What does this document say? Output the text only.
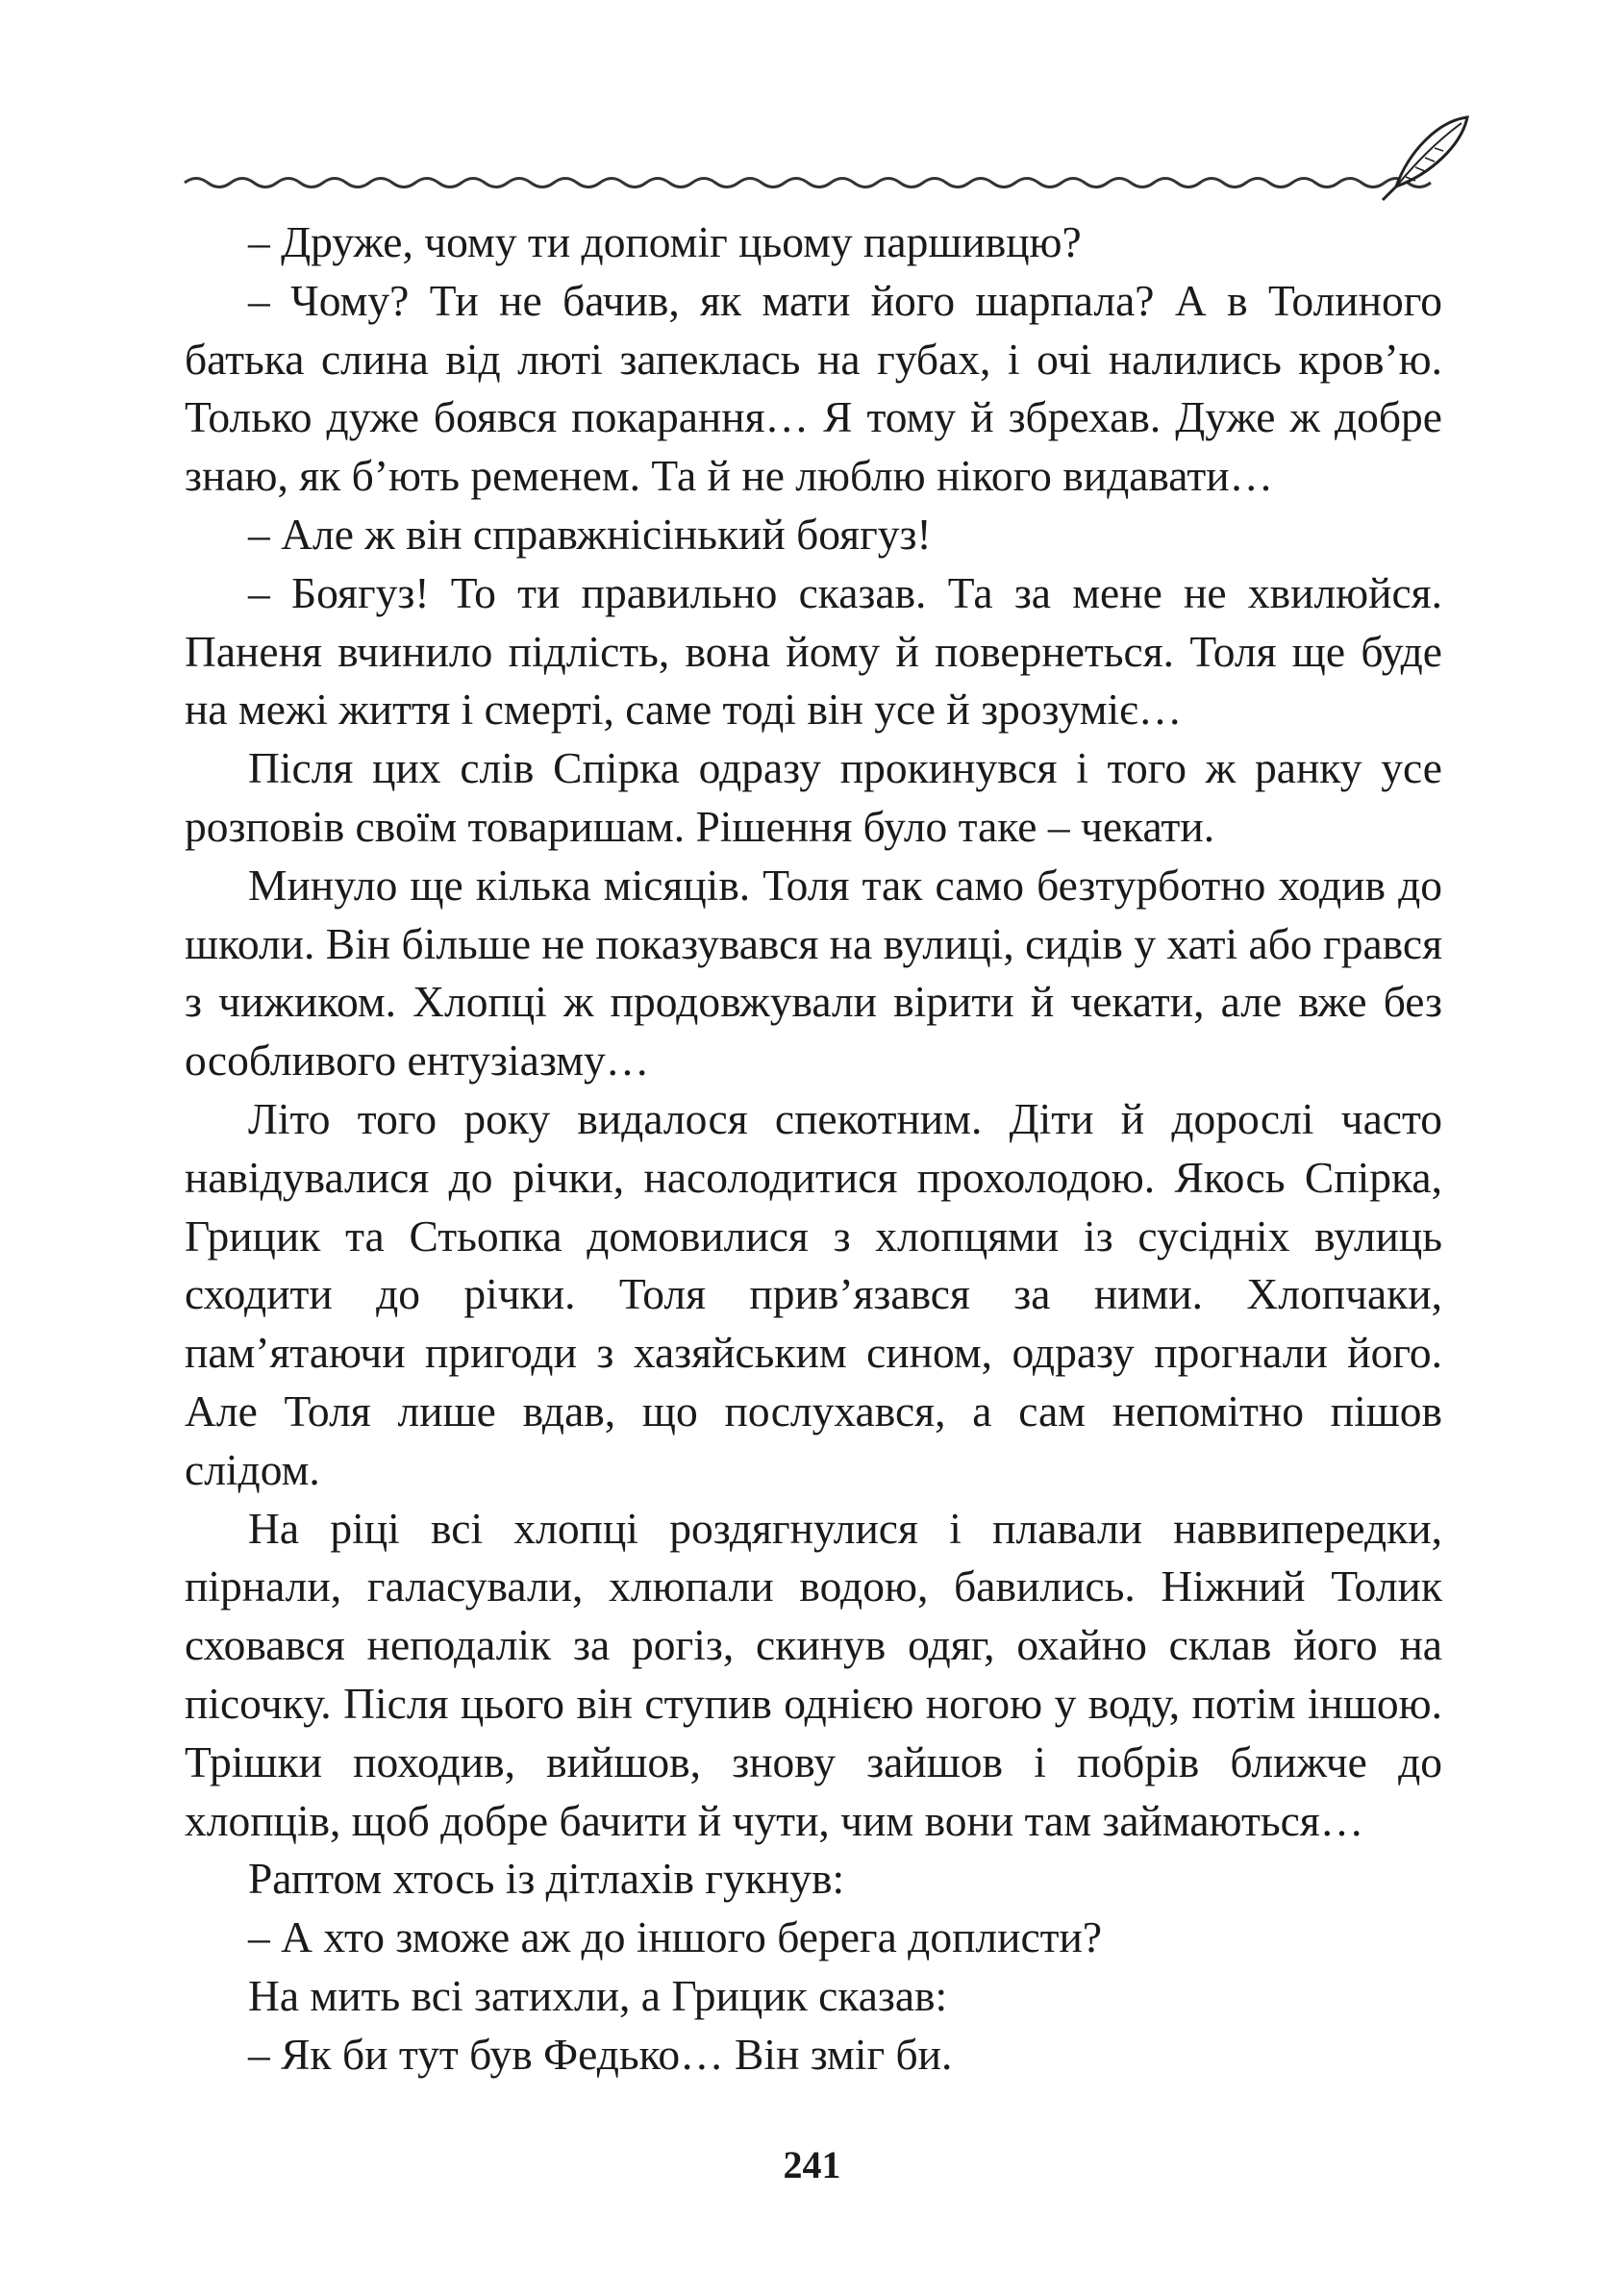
– Друже, чому ти допоміг цьому паршивцю?

– Чому? Ти не бачив, як мати його шарпала? А в Толиного батька слина від люті запеклась на губах, і очі налились кров’ю. Только дуже боявся покарання… Я тому й збрехав. Дуже ж добре знаю, як б’ють ременем. Та й не люблю нікого видавати…

– Але ж він справжнісінький боягуз!

– Боягуз! То ти правильно сказав. Та за мене не хвилюйся. Паненя вчинило підлість, вона йому й повернеться. Толя ще буде на межі життя і смерті, саме тоді він усе й зрозуміє…

Після цих слів Спірка одразу прокинувся і того ж ранку усе розповів своїм товаришам. Рішення було таке – чекати.

Минуло ще кілька місяців. Толя так само безтурботно ходив до школи. Він більше не показувався на вулиці, сидів у хаті або грався з чижиком. Хлопці ж продовжували вірити й чекати, але вже без особливого ентузіазму…

Літо того року видалося спекотним. Діти й дорослі часто навідувалися до річки, насолодитися прохолодою. Якось Спірка, Грицик та Стьопка домовилися з хлопцями із сусідніх вулиць сходити до річки. Толя прив’язався за ними. Хлопчаки, пам’ятаючи пригоди з хазяйським сином, одразу прогнали його. Але Толя лише вдав, що послухався, а сам непомітно пішов слідом.

На ріці всі хлопці роздягнулися і плавали наввипередки, пірнали, галасували, хлюпали водою, бавились. Ніжний Толик сховався неподалік за рогіз, скинув одяг, охайно склав його на пісочку. Після цього він ступив однією ногою у воду, потім іншою. Трішки походив, вийшов, знову зайшов і побрів ближче до хлопців, щоб добре бачити й чути, чим вони там займаються…

Раптом хтось із дітлахів гукнув:

– А хто зможе аж до іншого берега доплисти?

На мить всі затихли, а Грицик сказав:

– Як би тут був Федько… Він зміг би.

241
